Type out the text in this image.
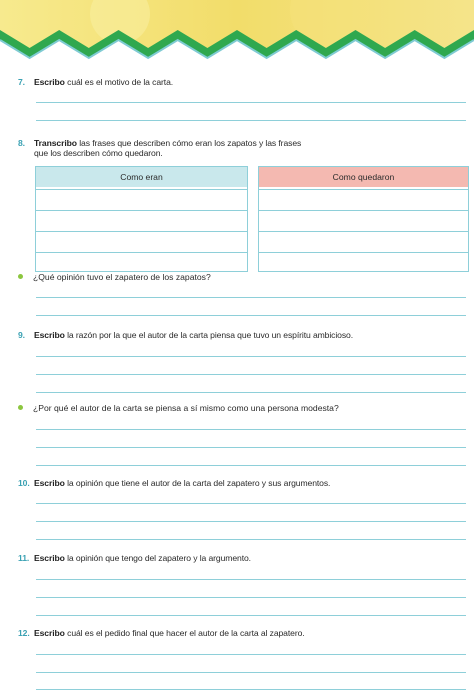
7. Escribo cuál es el motivo de la carta.
8. Transcribo las frases que describen cómo eran los zapatos y las frases
que los describen cómo quedaron.
Como eran	Como quedaron
¿Qué opinión tuvo el zapatero de los zapatos?
9. Escribo la razón por la que el autor de la carta piensa que tuvo un espíritu ambicioso.
¿Por qué el autor de la carta se piensa a sí mismo como una persona modesta?
10. Escribo la opinión que tiene el autor de la carta del zapatero y sus argumentos.
11. Escribo la opinión que tengo del zapatero y la argumento.
12. Escribo cuál es el pedido final que hacer el autor de la carta al zapatero.
